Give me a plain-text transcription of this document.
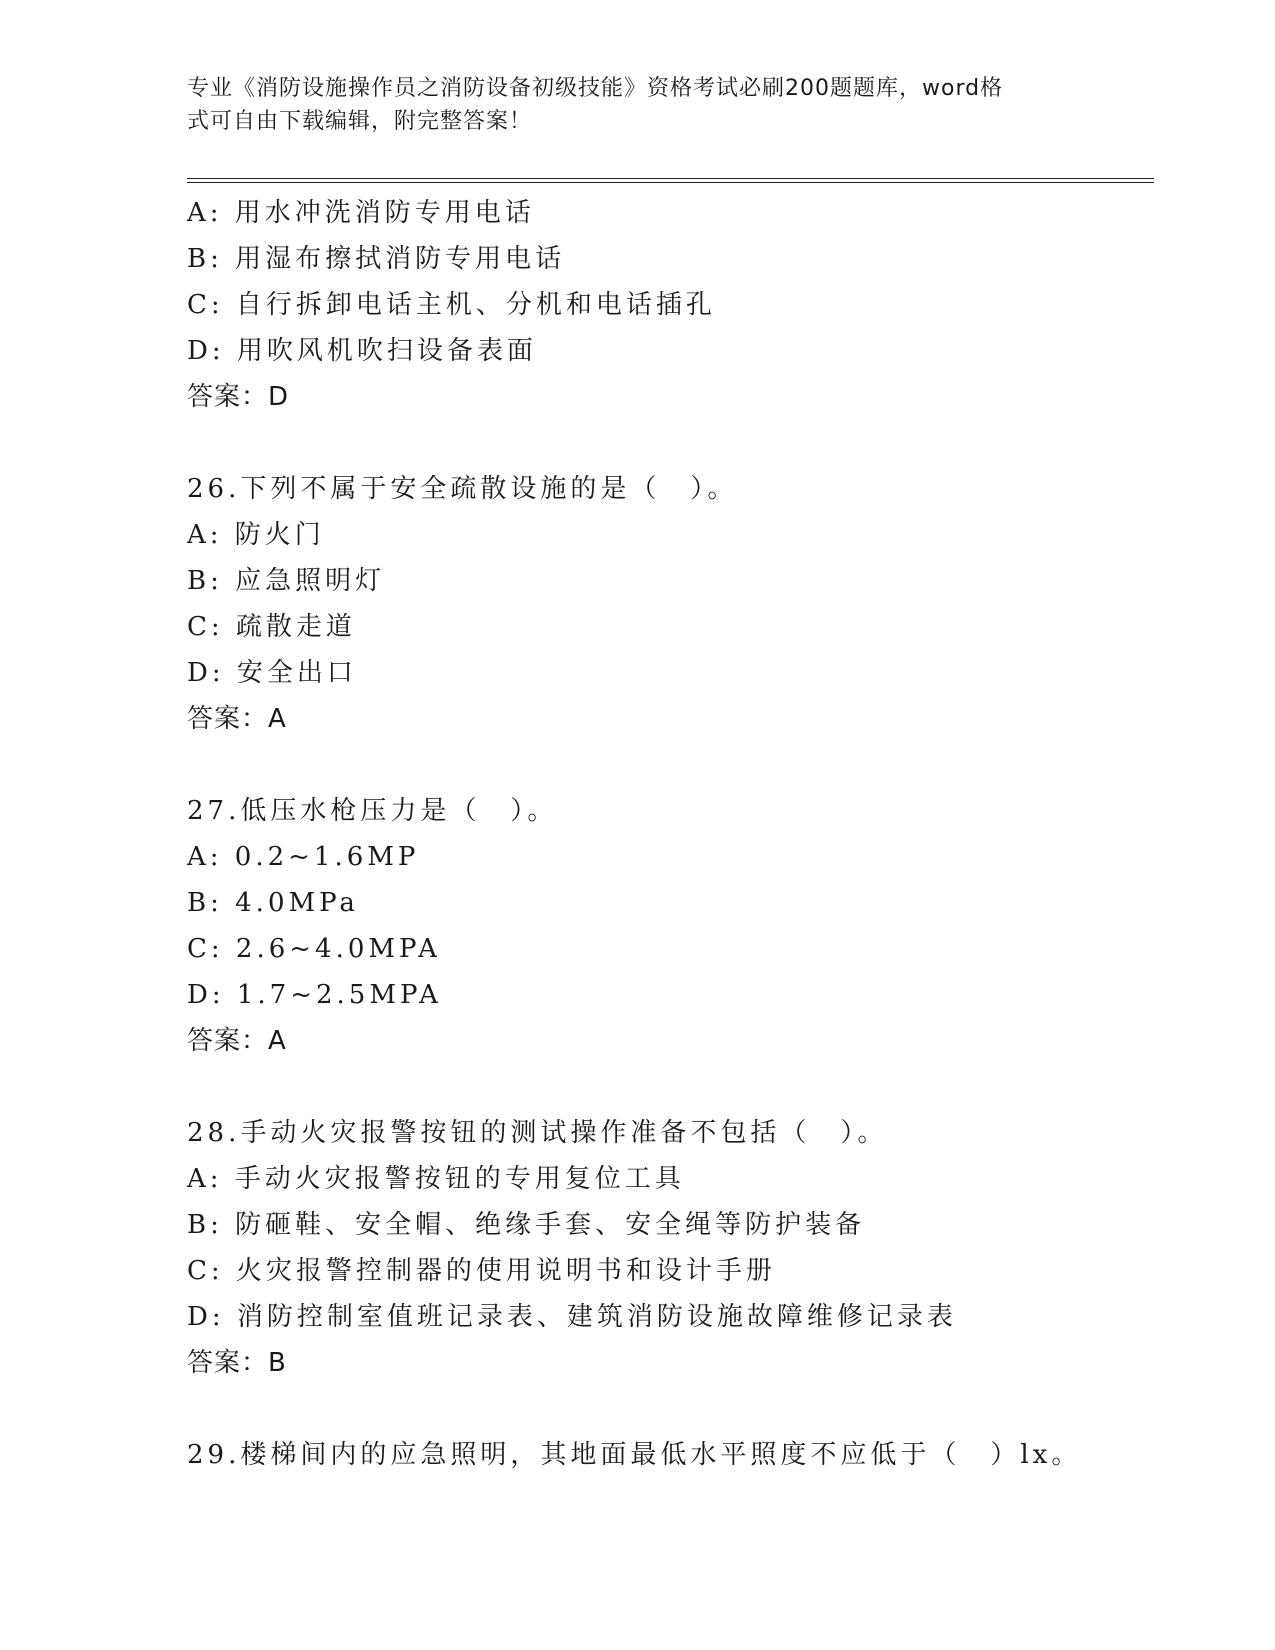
专业《消防设施操作员之消防设备初级技能》资格考试必刷200题题库，word格
式可自由下载编辑，附完整答案！
A: 用水冲洗消防专用电话
B: 用湿布擦拭消防专用电话
C: 自行拆卸电话主机、分机和电话插孔
D: 用吹风机吹扫设备表面
答案：D
26.下列不属于安全疏散设施的是（　）。
A: 防火门
B: 应急照明灯
C: 疏散走道
D: 安全出口
答案：A
27.低压水枪压力是（　）。
A: 0.2~1.6MP
B: 4.0MPa
C: 2.6~4.0MPA
D: 1.7~2.5MPA
答案：A
28.手动火灾报警按钮的测试操作准备不包括（　）。
A: 手动火灾报警按钮的专用复位工具
B: 防砸鞋、安全帽、绝缘手套、安全绳等防护装备
C: 火灾报警控制器的使用说明书和设计手册
D: 消防控制室值班记录表、建筑消防设施故障维修记录表
答案：B
29.楼梯间内的应急照明，其地面最低水平照度不应低于（　）lx。
